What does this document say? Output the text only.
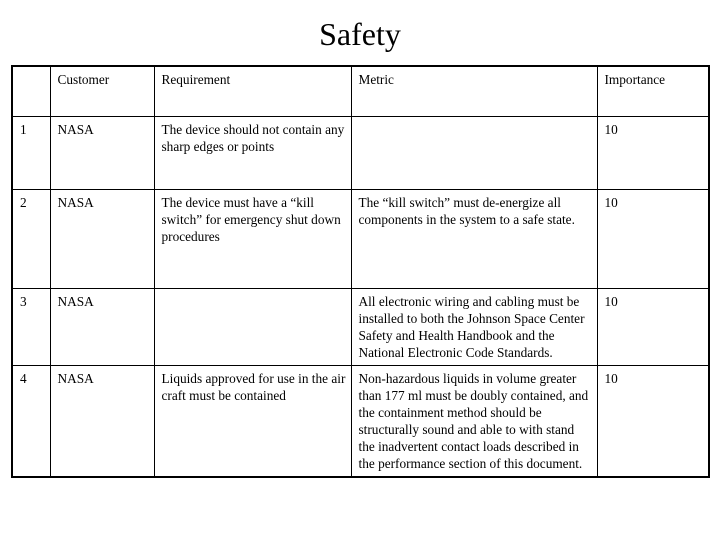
Safety
	Customer	Requirement	Metric	Importance
1	NASA	The device should not contain any sharp edges or points		10
2	NASA	The device must have a “kill switch” for emergency shut down procedures	The “kill switch” must de-energize all components in the system to a safe state.	10
3	NASA		All electronic wiring and cabling must be installed to both the Johnson Space Center Safety and Health Handbook and the National Electronic Code Standards.	10
4	NASA	Liquids approved for use in the air craft must be contained	Non-hazardous liquids in volume greater than 177 ml must be doubly contained, and the containment method should be structurally sound and able to with stand the inadvertent contact loads described in the performance section of this document.	10
